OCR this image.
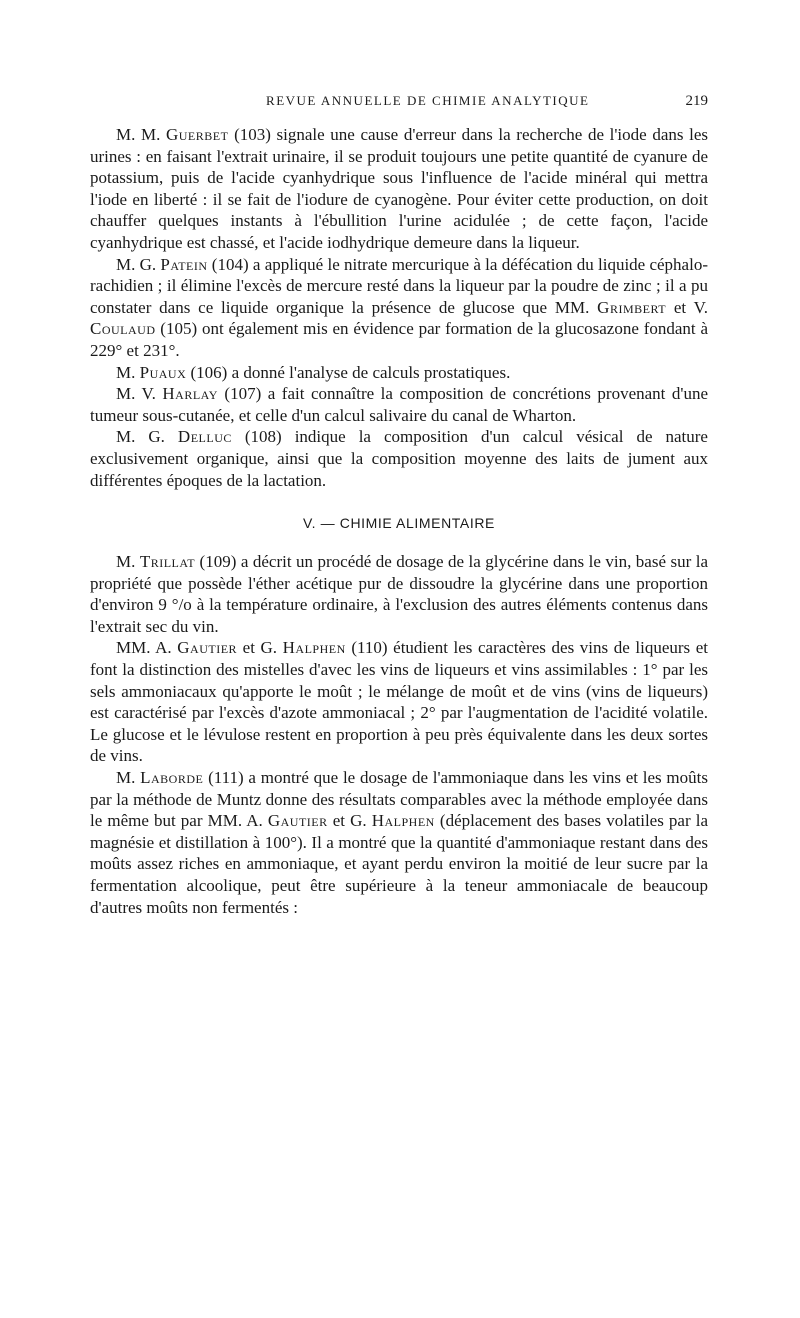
REVUE ANNUELLE DE CHIMIE ANALYTIQUE	219

M. M. Guerbet (103) signale une cause d'erreur dans la recherche de l'iode dans les urines : en faisant l'extrait urinaire, il se produit toujours une petite quantité de cyanure de potassium, puis de l'acide cyanhydrique sous l'influence de l'acide minéral qui mettra l'iode en liberté : il se fait de l'iodure de cyanogène. Pour éviter cette production, on doit chauffer quelques instants à l'ébullition l'urine acidulée ; de cette façon, l'acide cyanhydrique est chassé, et l'acide iodhydrique demeure dans la liqueur.

M. G. Patein (104) a appliqué le nitrate mercurique à la défécation du liquide céphalo-rachidien ; il élimine l'excès de mercure resté dans la liqueur par la poudre de zinc ; il a pu constater dans ce liquide organique la présence de glucose que MM. Grimbert et V. Coulaud (105) ont également mis en évidence par formation de la glucosazone fondant à 229° et 231°.

M. Puaux (106) a donné l'analyse de calculs prostatiques.

M. V. Harlay (107) a fait connaître la composition de concrétions provenant d'une tumeur sous-cutanée, et celle d'un calcul salivaire du canal de Wharton.

M. G. Delluc (108) indique la composition d'un calcul vésical de nature exclusivement organique, ainsi que la composition moyenne des laits de jument aux différentes époques de la lactation.

V. — CHIMIE ALIMENTAIRE

M. Trillat (109) a décrit un procédé de dosage de la glycérine dans le vin, basé sur la propriété que possède l'éther acétique pur de dissoudre la glycérine dans une proportion d'environ 9 °/o à la température ordinaire, à l'exclusion des autres éléments contenus dans l'extrait sec du vin.

MM. A. Gautier et G. Halphen (110) étudient les caractères des vins de liqueurs et font la distinction des mistelles d'avec les vins de liqueurs et vins assimilables : 1° par les sels ammoniacaux qu'apporte le moût ; le mélange de moût et de vins (vins de liqueurs) est caractérisé par l'excès d'azote ammoniacal ; 2° par l'augmentation de l'acidité volatile. Le glucose et le lévulose restent en proportion à peu près équivalente dans les deux sortes de vins.

M. Laborde (111) a montré que le dosage de l'ammoniaque dans les vins et les moûts par la méthode de Muntz donne des résultats comparables avec la méthode employée dans le même but par MM. A. Gautier et G. Halphen (déplacement des bases volatiles par la magnésie et distillation à 100°). Il a montré que la quantité d'ammoniaque restant dans des moûts assez riches en ammoniaque, et ayant perdu environ la moitié de leur sucre par la fermentation alcoolique, peut être supérieure à la teneur ammoniacale de beaucoup d'autres moûts non fermentés :
